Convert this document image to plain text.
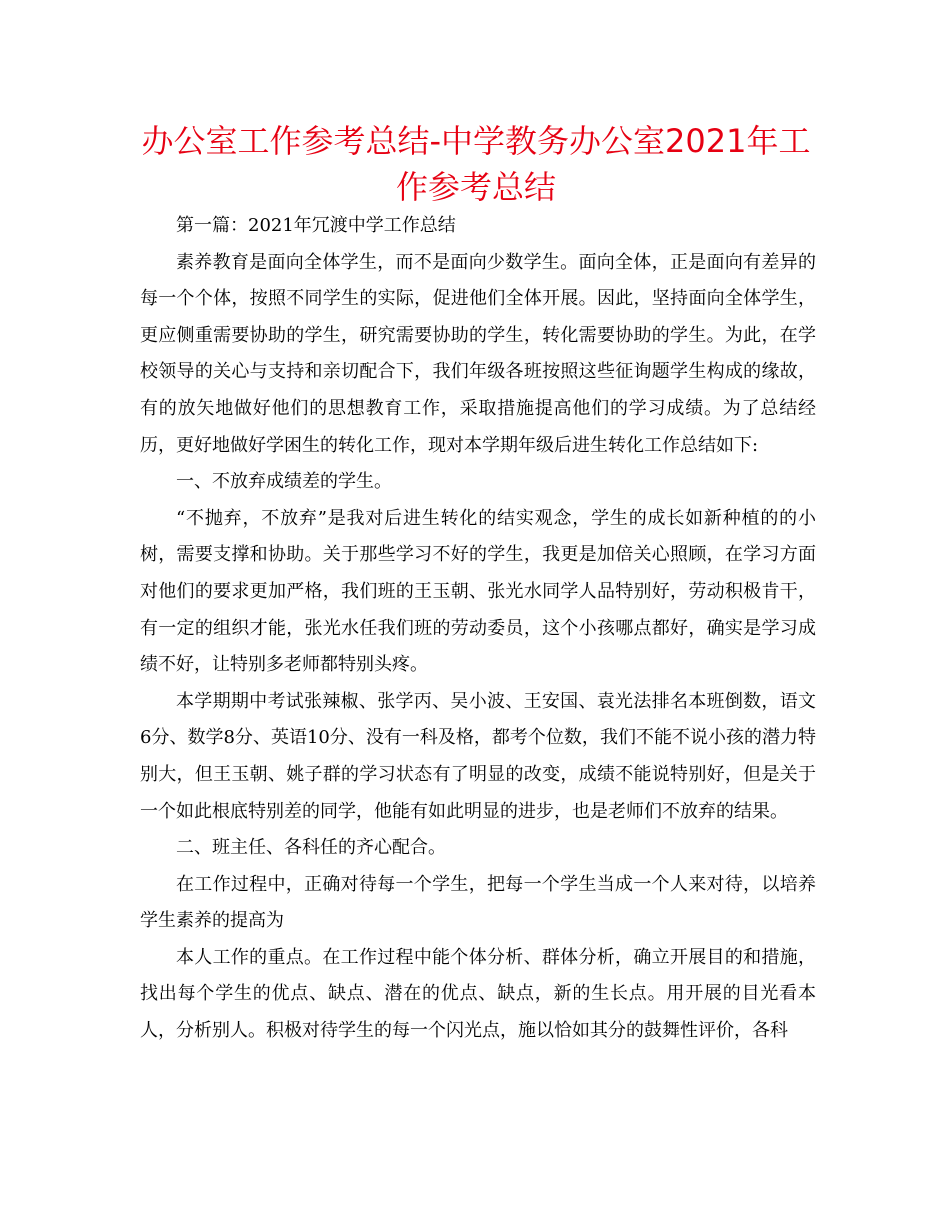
办公室工作参考总结-中学教务办公室2021年工作参考总结

第一篇：2021年冗渡中学工作总结

素养教育是面向全体学生，而不是面向少数学生。面向全体，正是面向有差异的每一个个体，按照不同学生的实际，促进他们全体开展。因此，坚持面向全体学生，更应侧重需要协助的学生，研究需要协助的学生，转化需要协助的学生。为此，在学校领导的关心与支持和亲切配合下，我们年级各班按照这些征询题学生构成的缘故，有的放矢地做好他们的思想教育工作，采取措施提高他们的学习成绩。为了总结经历，更好地做好学困生的转化工作，现对本学期年级后进生转化工作总结如下:

一、不放弃成绩差的学生。

“不抛弃，不放弃”是我对后进生转化的结实观念，学生的成长如新种植的的小树，需要支撑和协助。关于那些学习不好的学生，我更是加倍关心照顾，在学习方面对他们的要求更加严格，我们班的王玉朝、张光水同学人品特别好，劳动积极肯干，有一定的组织才能，张光水任我们班的劳动委员，这个小孩哪点都好，确实是学习成绩不好，让特别多老师都特别头疼。

本学期期中考试张辣椒、张学丙、吴小波、王安国、袁光法排名本班倒数，语文6分、数学8分、英语10分、没有一科及格，都考个位数，我们不能不说小孩的潜力特别大，但王玉朝、姚子群的学习状态有了明显的改变，成绩不能说特别好，但是关于一个如此根底特别差的同学，他能有如此明显的进步，也是老师们不放弃的结果。

二、班主任、各科任的齐心配合。

在工作过程中，正确对待每一个学生，把每一个学生当成一个人来对待，以培养学生素养的提高为

本人工作的重点。在工作过程中能个体分析、群体分析，确立开展目的和措施，找出每个学生的优点、缺点、潜在的优点、缺点，新的生长点。用开展的目光看本人，分析别人。积极对待学生的每一个闪光点，施以恰如其分的鼓舞性评价，各科
